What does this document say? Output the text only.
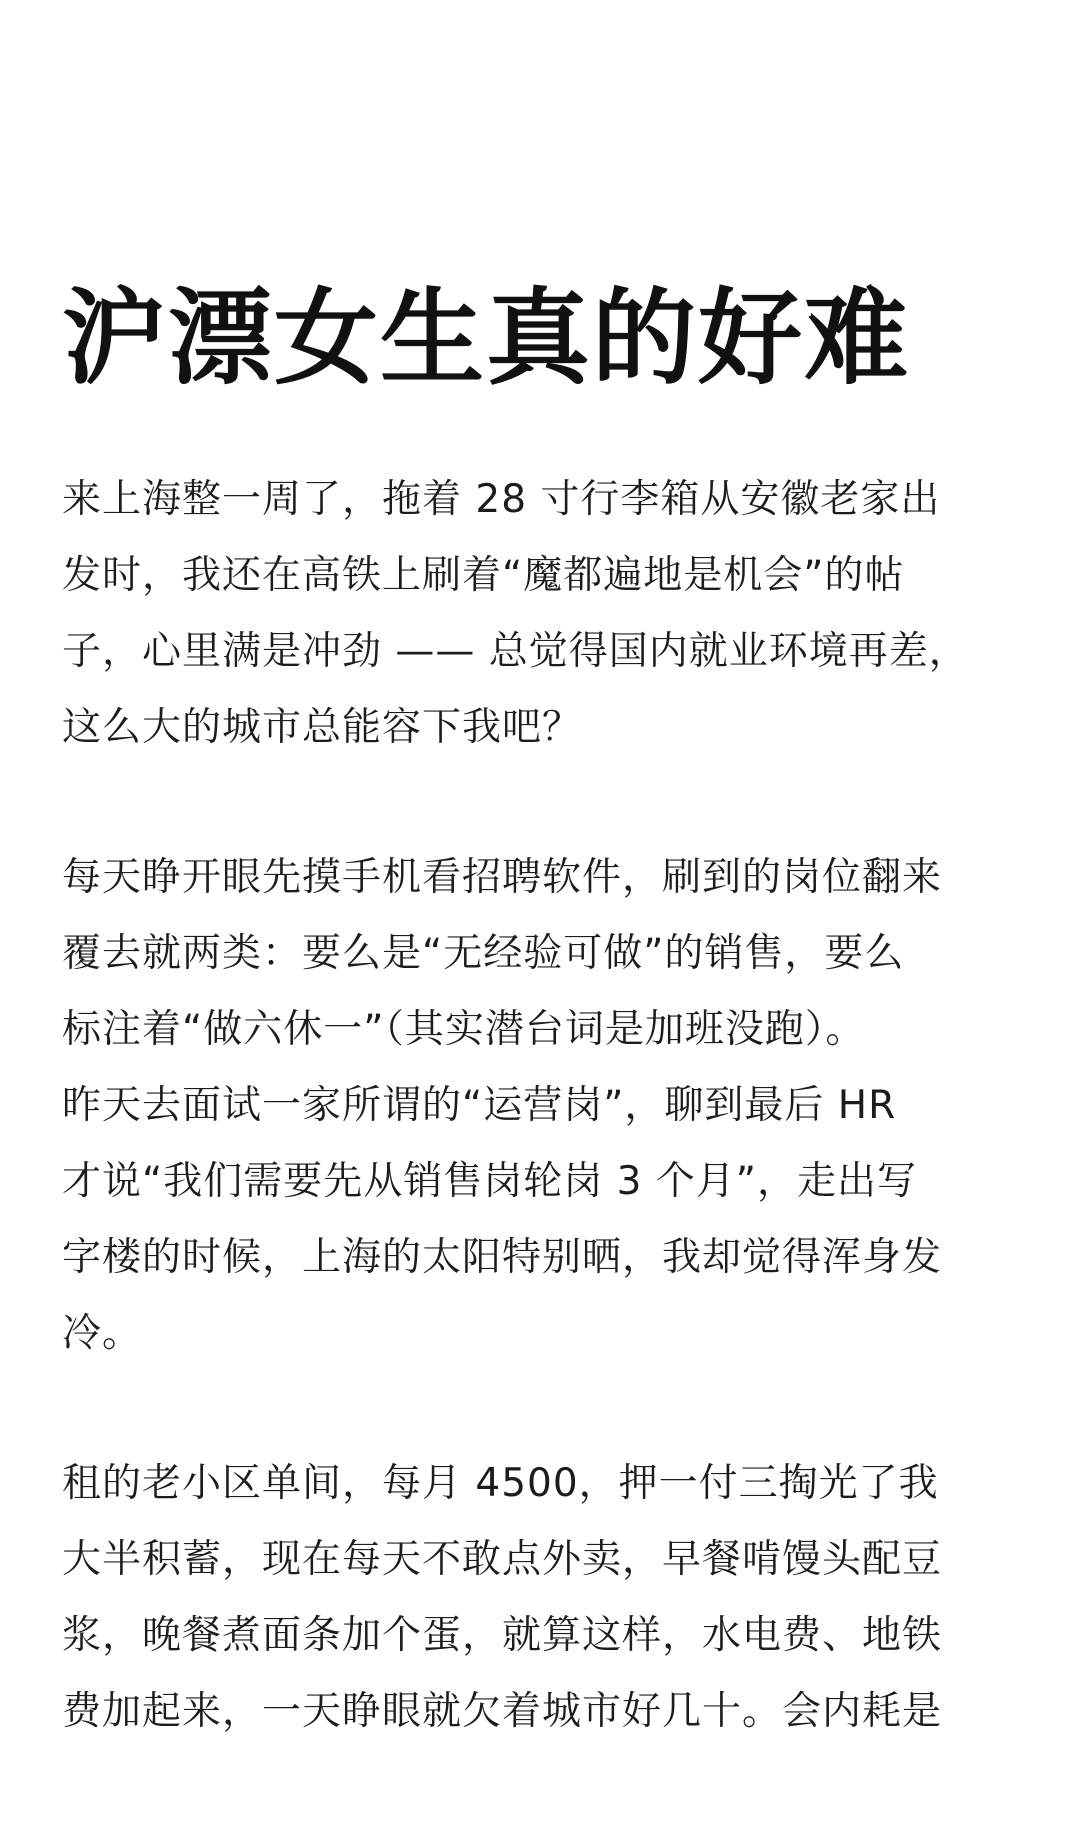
沪漂女生真的好难

来上海整一周了，拖着 28 寸行李箱从安徽老家出
发时，我还在高铁上刷着“魔都遍地是机会”的帖
子，心里满是冲劲 —— 总觉得国内就业环境再差，
这么大的城市总能容下我吧？

每天睁开眼先摸手机看招聘软件，刷到的岗位翻来
覆去就两类：要么是“无经验可做”的销售，要么
标注着“做六休一”（其实潜台词是加班没跑）。
昨天去面试一家所谓的“运营岗”，聊到最后 HR
才说“我们需要先从销售岗轮岗 3 个月”，走出写
字楼的时候，上海的太阳特别晒，我却觉得浑身发
冷。

租的老小区单间，每月 4500，押一付三掏光了我
大半积蓄，现在每天不敢点外卖，早餐啃馒头配豆
浆，晚餐煮面条加个蛋，就算这样，水电费、地铁
费加起来，一天睁眼就欠着城市好几十。会内耗是
